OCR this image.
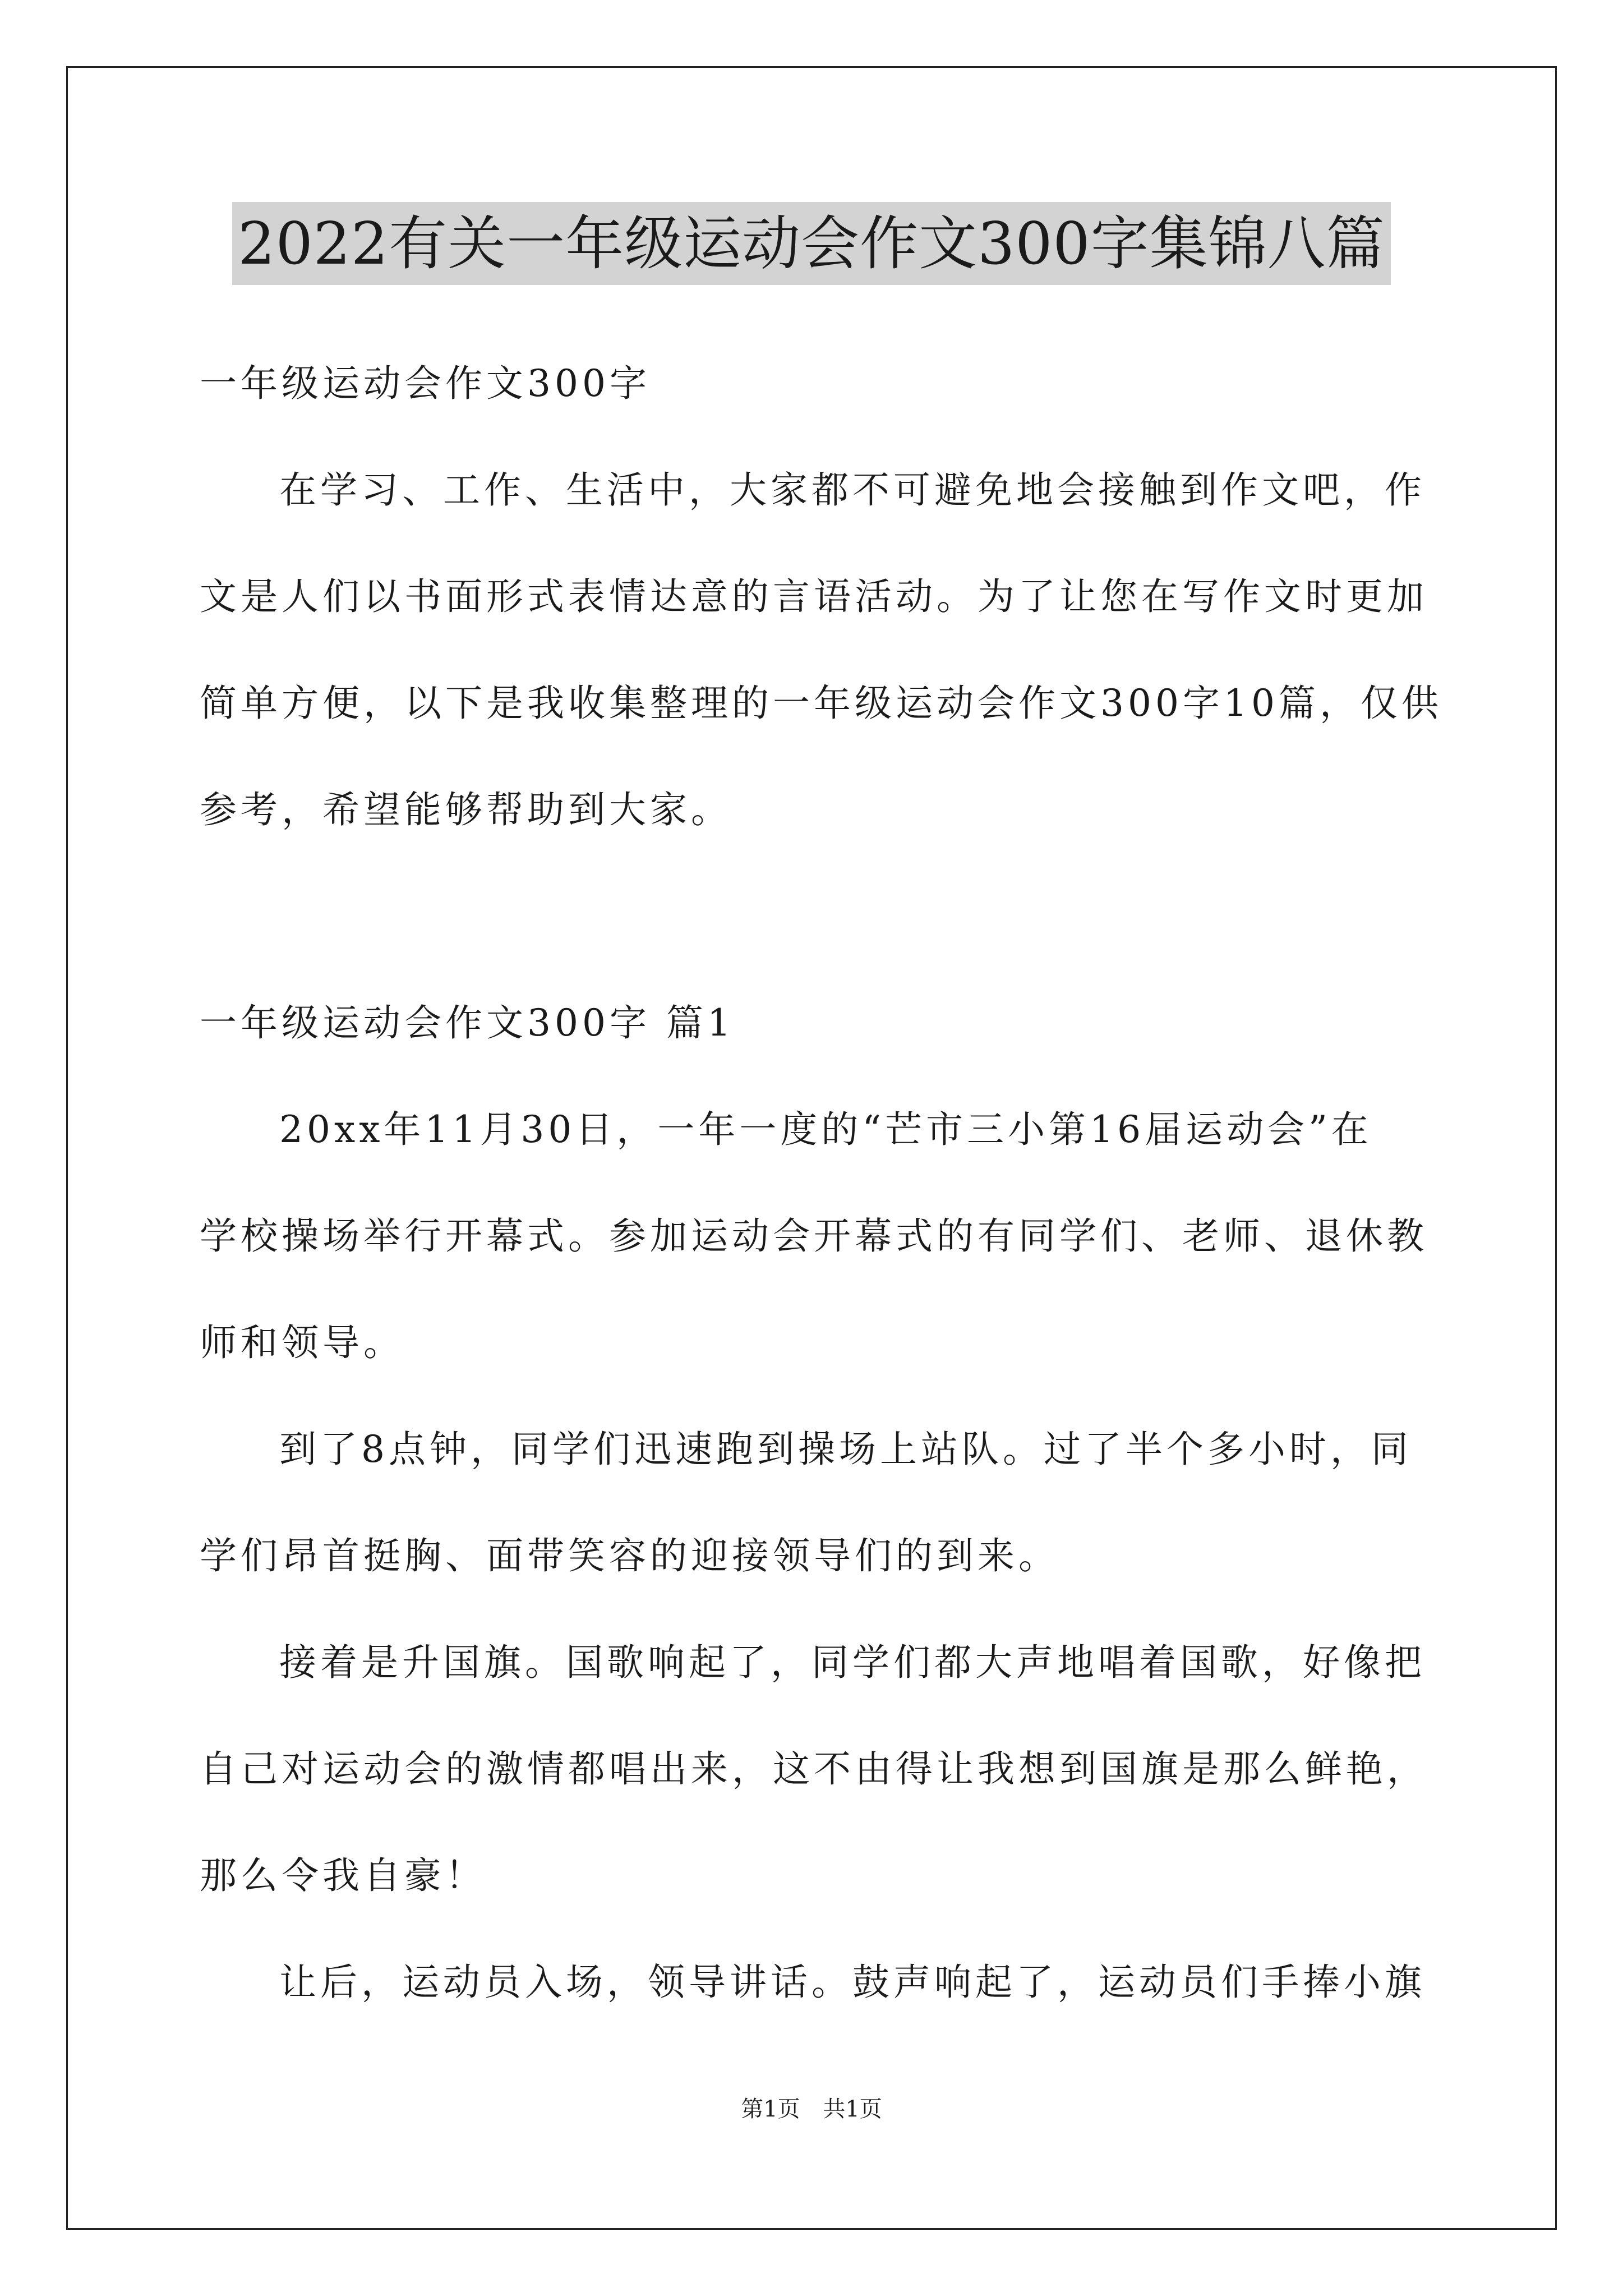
2022有关一年级运动会作文300字集锦八篇

一年级运动会作文300字

在学习、工作、生活中，大家都不可避免地会接触到作文吧，作

文是人们以书面形式表情达意的言语活动。为了让您在写作文时更加

简单方便，以下是我收集整理的一年级运动会作文300字10篇，仅供

参考，希望能够帮助到大家。

一年级运动会作文300字 篇1

20xx年11月30日，一年一度的“芒市三小第16届运动会”在

学校操场举行开幕式。参加运动会开幕式的有同学们、老师、退休教

师和领导。

到了8点钟，同学们迅速跑到操场上站队。过了半个多小时，同

学们昂首挺胸、面带笑容的迎接领导们的到来。

接着是升国旗。国歌响起了，同学们都大声地唱着国歌，好像把

自己对运动会的激情都唱出来，这不由得让我想到国旗是那么鲜艳，

那么令我自豪！

让后，运动员入场，领导讲话。鼓声响起了，运动员们手捧小旗

第1页 共1页
